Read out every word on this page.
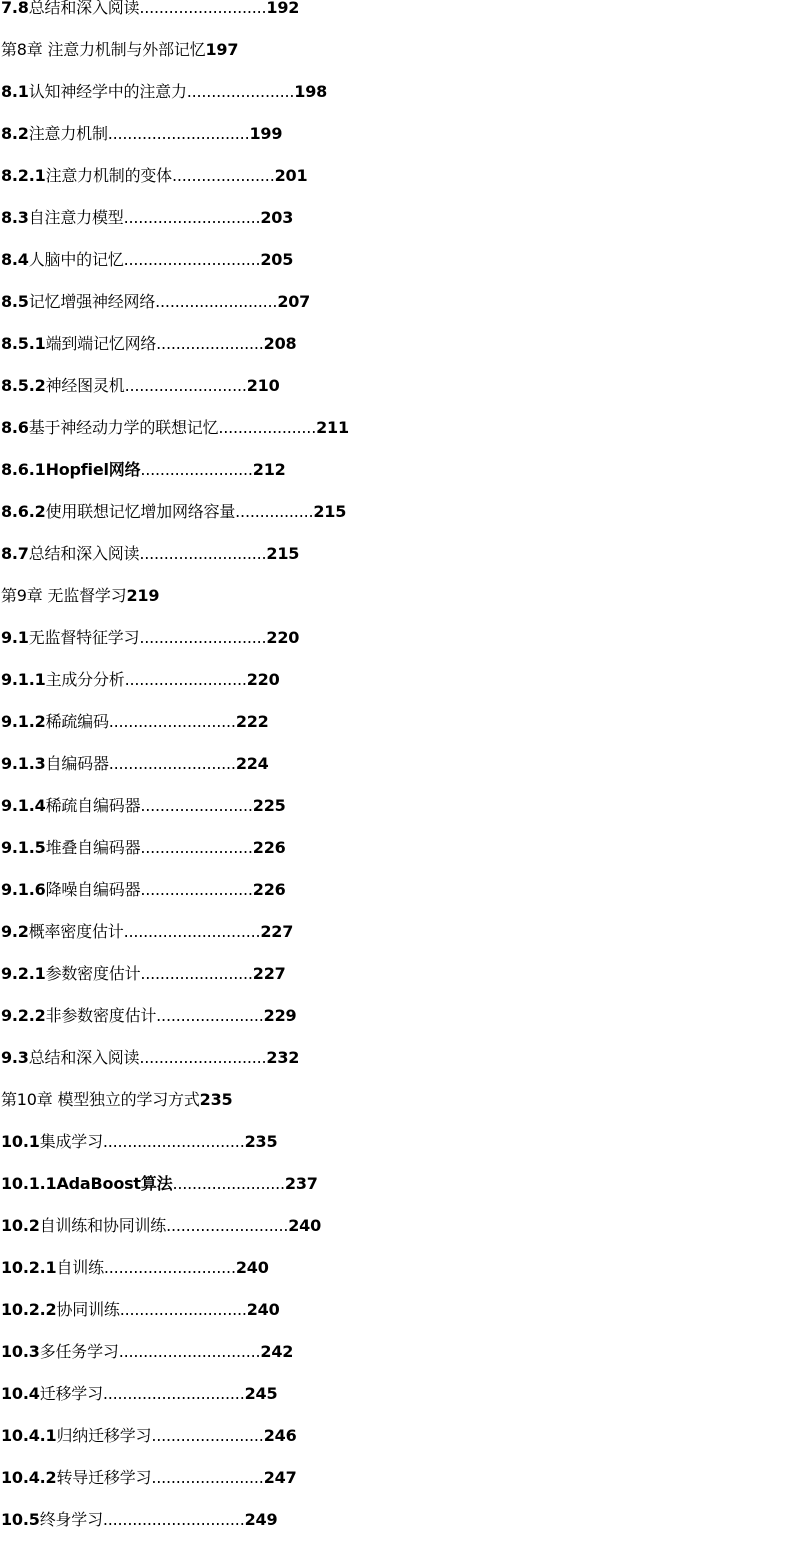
7.8总结和深入阅读..........................192
第8章 注意力机制与外部记忆197
8.1认知神经学中的注意力......................198
8.2注意力机制.............................199
8.2.1注意力机制的变体.....................201
8.3自注意力模型............................203
8.4人脑中的记忆............................205
8.5记忆增强神经网络.........................207
8.5.1端到端记忆网络......................208
8.5.2神经图灵机.........................210
8.6基于神经动力学的联想记忆....................211
8.6.1Hopfiel网络.......................212
8.6.2使用联想记忆增加网络容量................215
8.7总结和深入阅读..........................215
第9章 无监督学习219
9.1无监督特征学习..........................220
9.1.1主成分分析.........................220
9.1.2稀疏编码..........................222
9.1.3自编码器..........................224
9.1.4稀疏自编码器.......................225
9.1.5堆叠自编码器.......................226
9.1.6降噪自编码器.......................226
9.2概率密度估计............................227
9.2.1参数密度估计.......................227
9.2.2非参数密度估计......................229
9.3总结和深入阅读..........................232
第10章 模型独立的学习方式235
10.1集成学习.............................235
10.1.1AdaBoost算法.......................237
10.2自训练和协同训练.........................240
10.2.1自训练...........................240
10.2.2协同训练..........................240
10.3多任务学习.............................242
10.4迁移学习.............................245
10.4.1归纳迁移学习.......................246
10.4.2转导迁移学习.......................247
10.5终身学习.............................249
